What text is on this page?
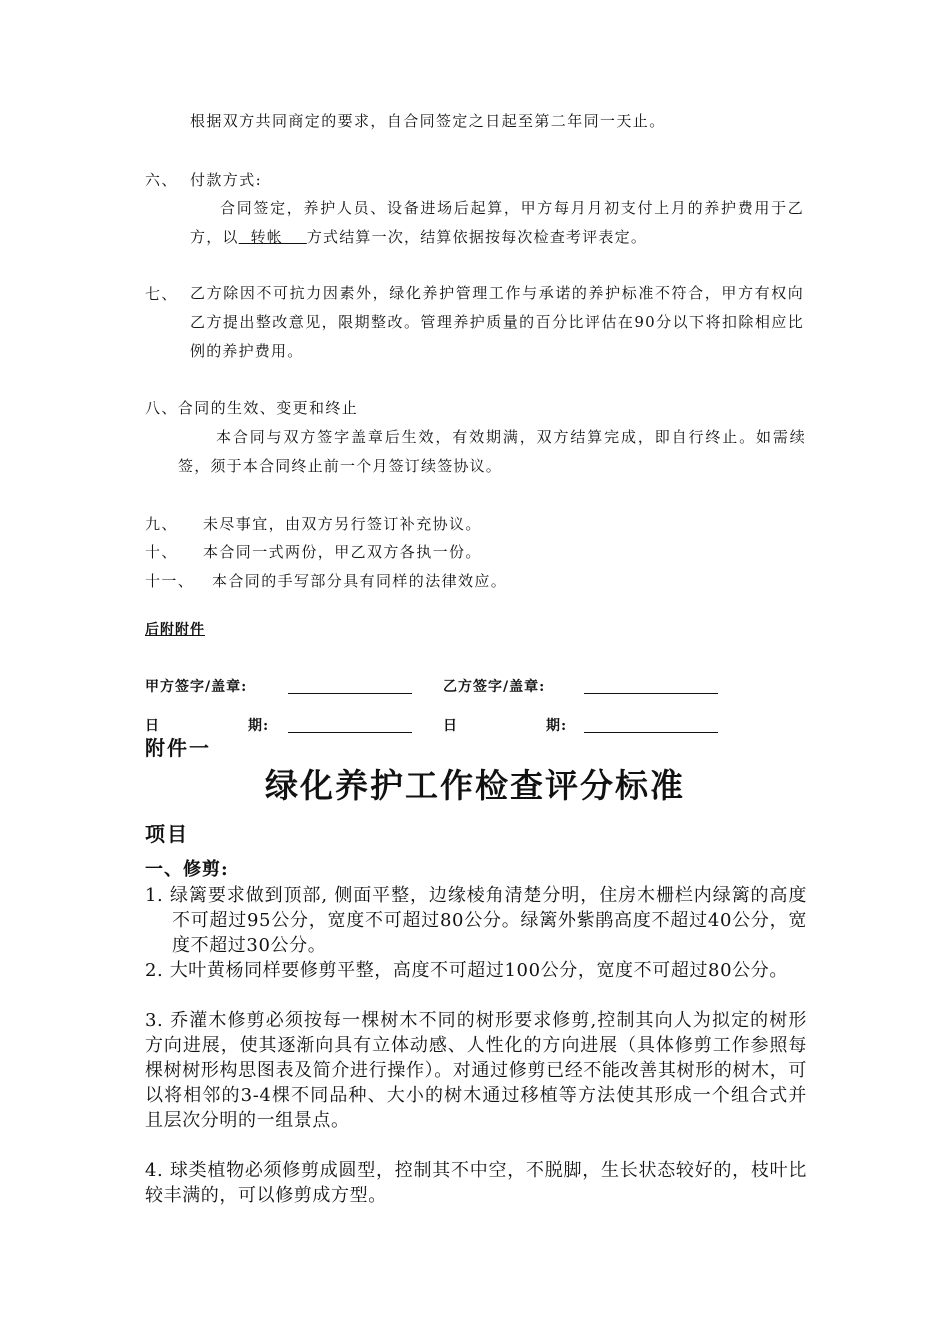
根据双方共同商定的要求，自合同签定之日起至第二年同一天止。
六、 付款方式:
合同签定，养护人员、设备进场后起算，甲方每月月初支付上月的养护费用于乙方，以 转帐 方式结算一次，结算依据按每次检查考评表定。
七、 乙方除因不可抗力因素外，绿化养护管理工作与承诺的养护标准不符合，甲方有权向乙方提出整改意见，限期整改。管理养护质量的百分比评估在90分以下将扣除相应比例的养护费用。
八、合同的生效、变更和终止
本合同与双方签字盖章后生效，有效期满，双方结算完成，即自行终止。如需续签，须于本合同终止前一个月签订续签协议。
九、 未尽事宜，由双方另行签订补充协议。
十、 本合同一式两份，甲乙双方各执一份。
十一、 本合同的手写部分具有同样的法律效应。
后附附件
甲方签字/盖章:	乙方签字/盖章:
日	期:	日	期:
附件一
绿化养护工作检查评分标准
项目
一、修剪:
1. 绿篱要求做到顶部, 侧面平整，边缘棱角清楚分明，住房木栅栏内绿篱的高度不可超过95公分，宽度不可超过80公分。绿篱外紫鹃高度不超过40公分，宽度不超过30公分。
2. 大叶黄杨同样要修剪平整，高度不可超过100公分，宽度不可超过80公分。
3. 乔灌木修剪必须按每一棵树木不同的树形要求修剪,控制其向人为拟定的树形方向进展，使其逐渐向具有立体动感、人性化的方向进展（具体修剪工作参照每棵树树形构思图表及简介进行操作）。对通过修剪已经不能改善其树形的树木，可以将相邻的3-4棵不同品种、大小的树木通过移植等方法使其形成一个组合式并且层次分明的一组景点。
4. 球类植物必须修剪成圆型，控制其不中空，不脱脚，生长状态较好的，枝叶比较丰满的，可以修剪成方型。
